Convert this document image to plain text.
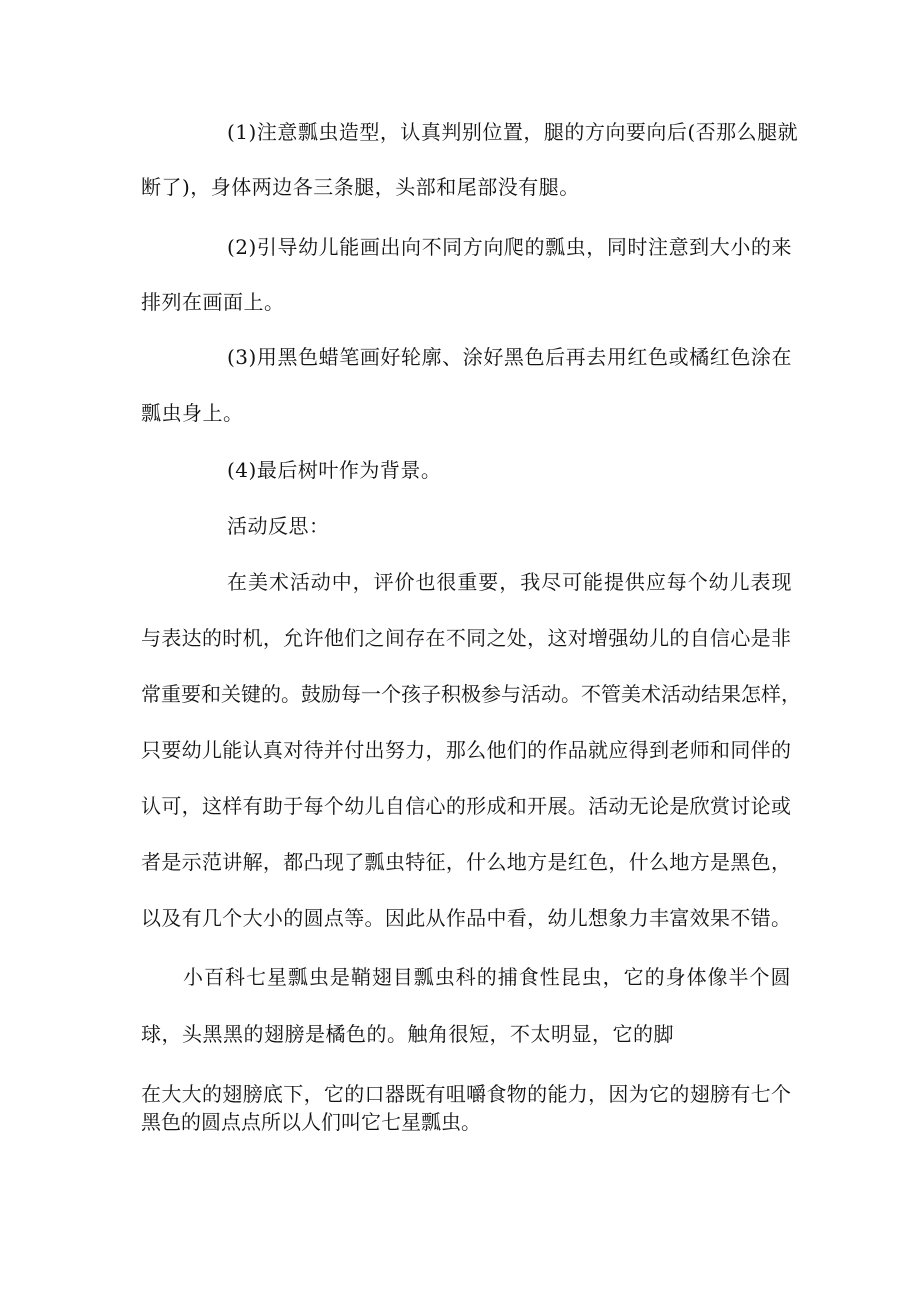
(1)注意瓢虫造型，认真判别位置，腿的方向要向后(否那么腿就
断了)，身体两边各三条腿，头部和尾部没有腿。
(2)引导幼儿能画出向不同方向爬的瓢虫，同时注意到大小的来
排列在画面上。
(3)用黑色蜡笔画好轮廓、涂好黑色后再去用红色或橘红色涂在
瓢虫身上。
(4)最后树叶作为背景。
活动反思：
在美术活动中，评价也很重要，我尽可能提供应每个幼儿表现
与表达的时机，允许他们之间存在不同之处，这对增强幼儿的自信心是非
常重要和关键的。鼓励每一个孩子积极参与活动。不管美术活动结果怎样，
只要幼儿能认真对待并付出努力，那么他们的作品就应得到老师和同伴的
认可，这样有助于每个幼儿自信心的形成和开展。活动无论是欣赏讨论或
者是示范讲解，都凸现了瓢虫特征，什么地方是红色，什么地方是黑色，
以及有几个大小的圆点等。因此从作品中看，幼儿想象力丰富效果不错。
小百科七星瓢虫是鞘翅目瓢虫科的捕食性昆虫，它的身体像半个圆
球，头黑黑的翅膀是橘色的。触角很短，不太明显，它的脚
在大大的翅膀底下，它的口器既有咀嚼食物的能力，因为它的翅膀有七个
黑色的圆点点所以人们叫它七星瓢虫。
